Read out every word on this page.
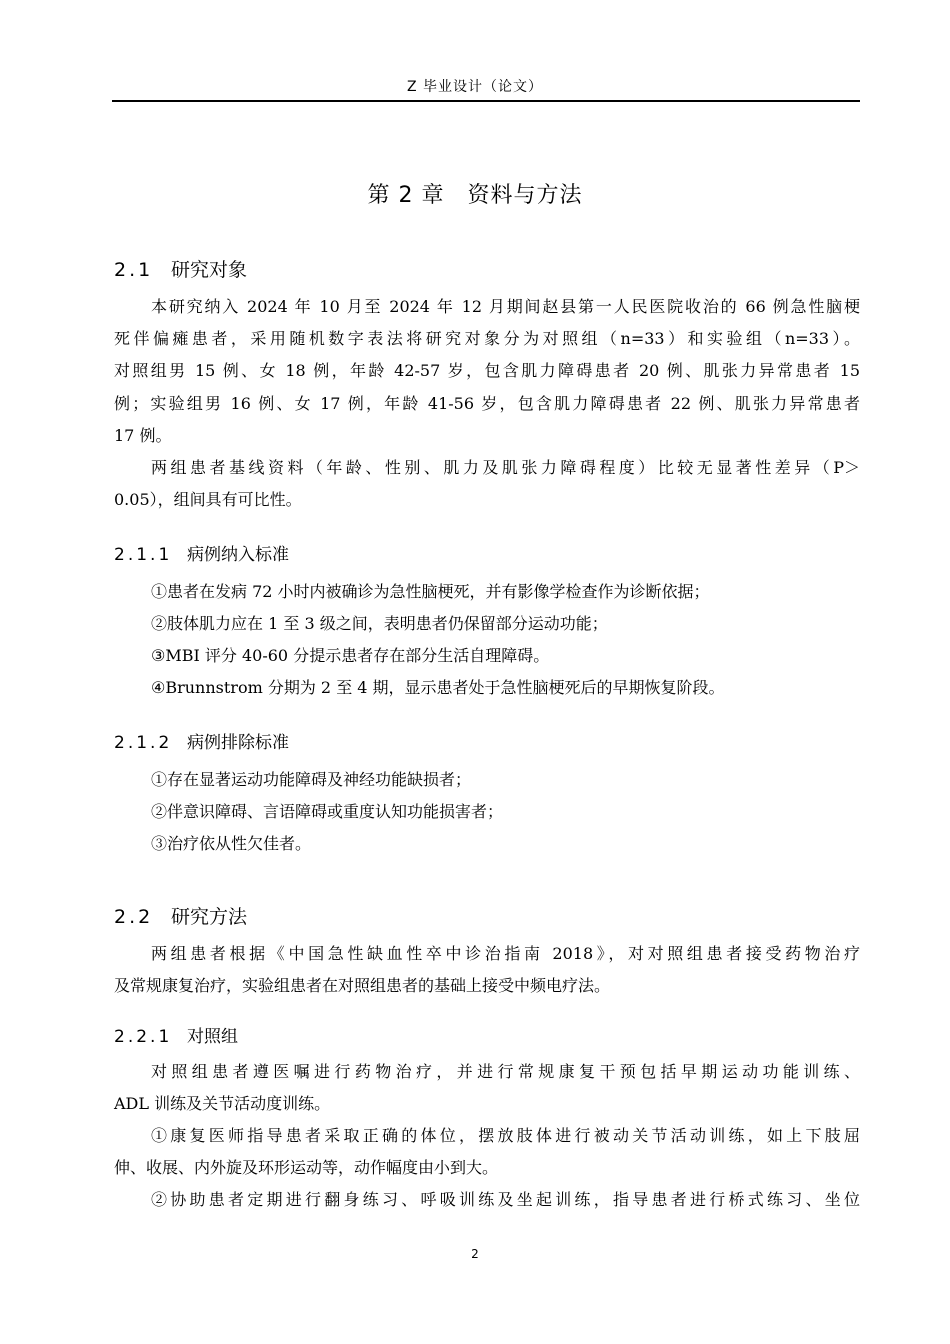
Z 毕业设计（论文）
第 2 章　资料与方法
2.1 研究对象
本研究纳入 2024 年 10 月至 2024 年 12 月期间赵县第一人民医院收治的 66 例急性脑梗
死伴偏瘫患者，采用随机数字表法将研究对象分为对照组（n=33）和实验组（n=33）。
对照组男 15 例、女 18 例，年龄 42-57 岁，包含肌力障碍患者 20 例、肌张力异常患者 15
例；实验组男 16 例、女 17 例，年龄 41-56 岁，包含肌力障碍患者 22 例、肌张力异常患者
17 例。
两组患者基线资料（年龄、性别、肌力及肌张力障碍程度）比较无显著性差异（P＞
0.05），组间具有可比性。
2.1.1 病例纳入标准
①患者在发病 72 小时内被确诊为急性脑梗死，并有影像学检查作为诊断依据；
②肢体肌力应在 1 至 3 级之间，表明患者仍保留部分运动功能；
③MBI 评分 40-60 分提示患者存在部分生活自理障碍。
④Brunnstrom 分期为 2 至 4 期，显示患者处于急性脑梗死后的早期恢复阶段。
2.1.2 病例排除标准
①存在显著运动功能障碍及神经功能缺损者；
②伴意识障碍、言语障碍或重度认知功能损害者；
③治疗依从性欠佳者。
2.2 研究方法
两组患者根据《中国急性缺血性卒中诊治指南 2018》，对对照组患者接受药物治疗
及常规康复治疗，实验组患者在对照组患者的基础上接受中频电疗法。
2.2.1 对照组
对照组患者遵医嘱进行药物治疗，并进行常规康复干预包括早期运动功能训练、
ADL 训练及关节活动度训练。
①康复医师指导患者采取正确的体位，摆放肢体进行被动关节活动训练，如上下肢屈
伸、收展、内外旋及环形运动等，动作幅度由小到大。
②协助患者定期进行翻身练习、呼吸训练及坐起训练，指导患者进行桥式练习、坐位
2
